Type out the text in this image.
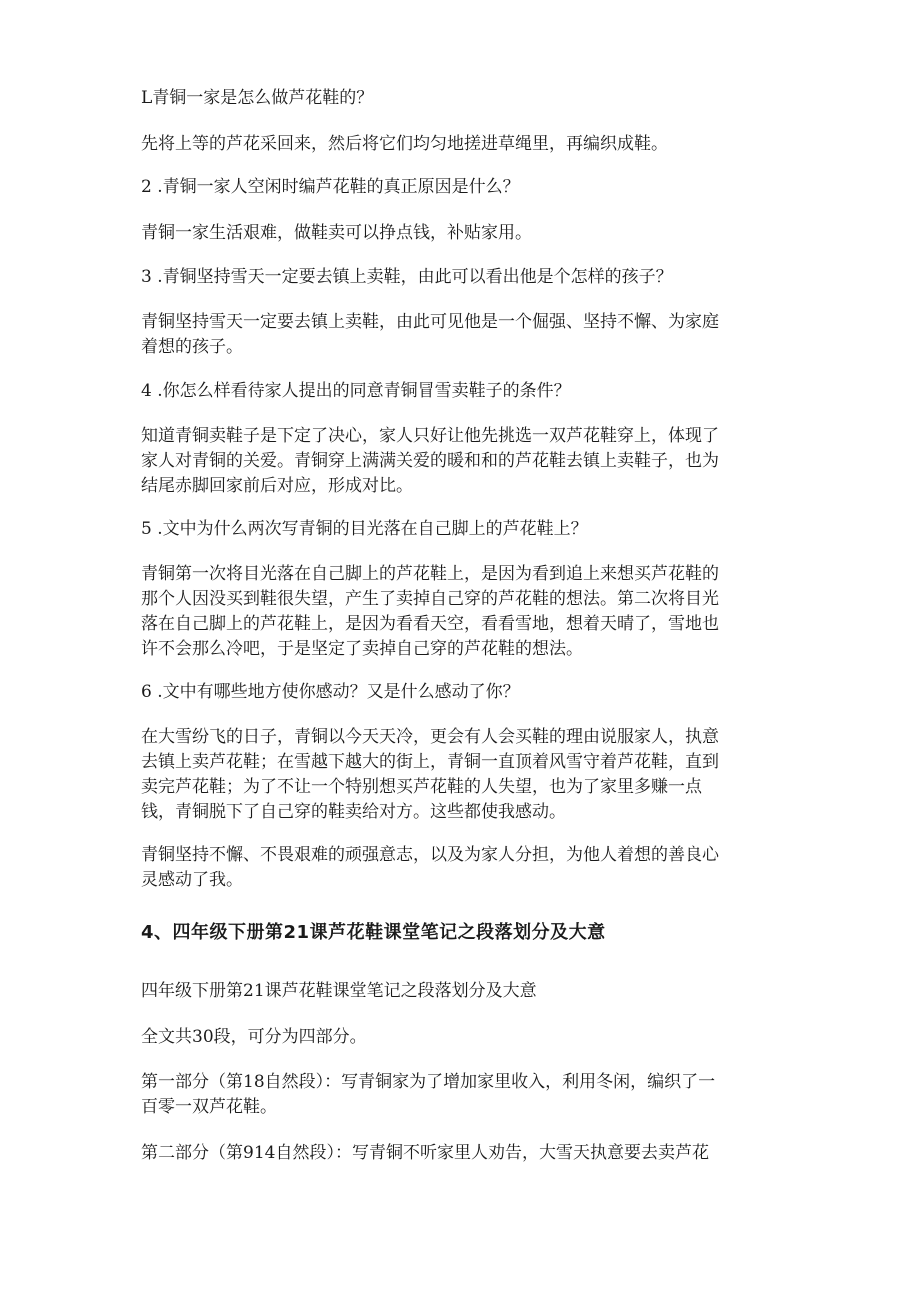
L青铜一家是怎么做芦花鞋的？

先将上等的芦花采回来，然后将它们均匀地搓进草绳里，再编织成鞋。

2 .青铜一家人空闲时编芦花鞋的真正原因是什么？

青铜一家生活艰难，做鞋卖可以挣点钱，补贴家用。

3 .青铜坚持雪天一定要去镇上卖鞋，由此可以看出他是个怎样的孩子？

青铜坚持雪天一定要去镇上卖鞋，由此可见他是一个倔强、坚持不懈、为家庭

着想的孩子。

4 .你怎么样看待家人提出的同意青铜冒雪卖鞋子的条件？

知道青铜卖鞋子是下定了决心，家人只好让他先挑选一双芦花鞋穿上，体现了

家人对青铜的关爱。青铜穿上满满关爱的暖和和的芦花鞋去镇上卖鞋子，也为

结尾赤脚回家前后对应，形成对比。

5 .文中为什么两次写青铜的目光落在自己脚上的芦花鞋上？

青铜第一次将目光落在自己脚上的芦花鞋上，是因为看到追上来想买芦花鞋的

那个人因没买到鞋很失望，产生了卖掉自己穿的芦花鞋的想法。第二次将目光

落在自己脚上的芦花鞋上，是因为看看天空，看看雪地，想着天晴了，雪地也

许不会那么冷吧，于是坚定了卖掉自己穿的芦花鞋的想法。

6 .文中有哪些地方使你感动？又是什么感动了你？

在大雪纷飞的日子，青铜以今天天冷，更会有人会买鞋的理由说服家人，执意

去镇上卖芦花鞋；在雪越下越大的街上，青铜一直顶着风雪守着芦花鞋，直到

卖完芦花鞋；为了不让一个特别想买芦花鞋的人失望，也为了家里多赚一点

钱，青铜脱下了自己穿的鞋卖给对方。这些都使我感动。

青铜坚持不懈、不畏艰难的顽强意志，以及为家人分担，为他人着想的善良心

灵感动了我。

4、四年级下册第21课芦花鞋课堂笔记之段落划分及大意

四年级下册第21课芦花鞋课堂笔记之段落划分及大意

全文共30段，可分为四部分。

第一部分（第18自然段）：写青铜家为了增加家里收入，利用冬闲，编织了一

百零一双芦花鞋。

第二部分（第914自然段）：写青铜不听家里人劝告，大雪天执意要去卖芦花
